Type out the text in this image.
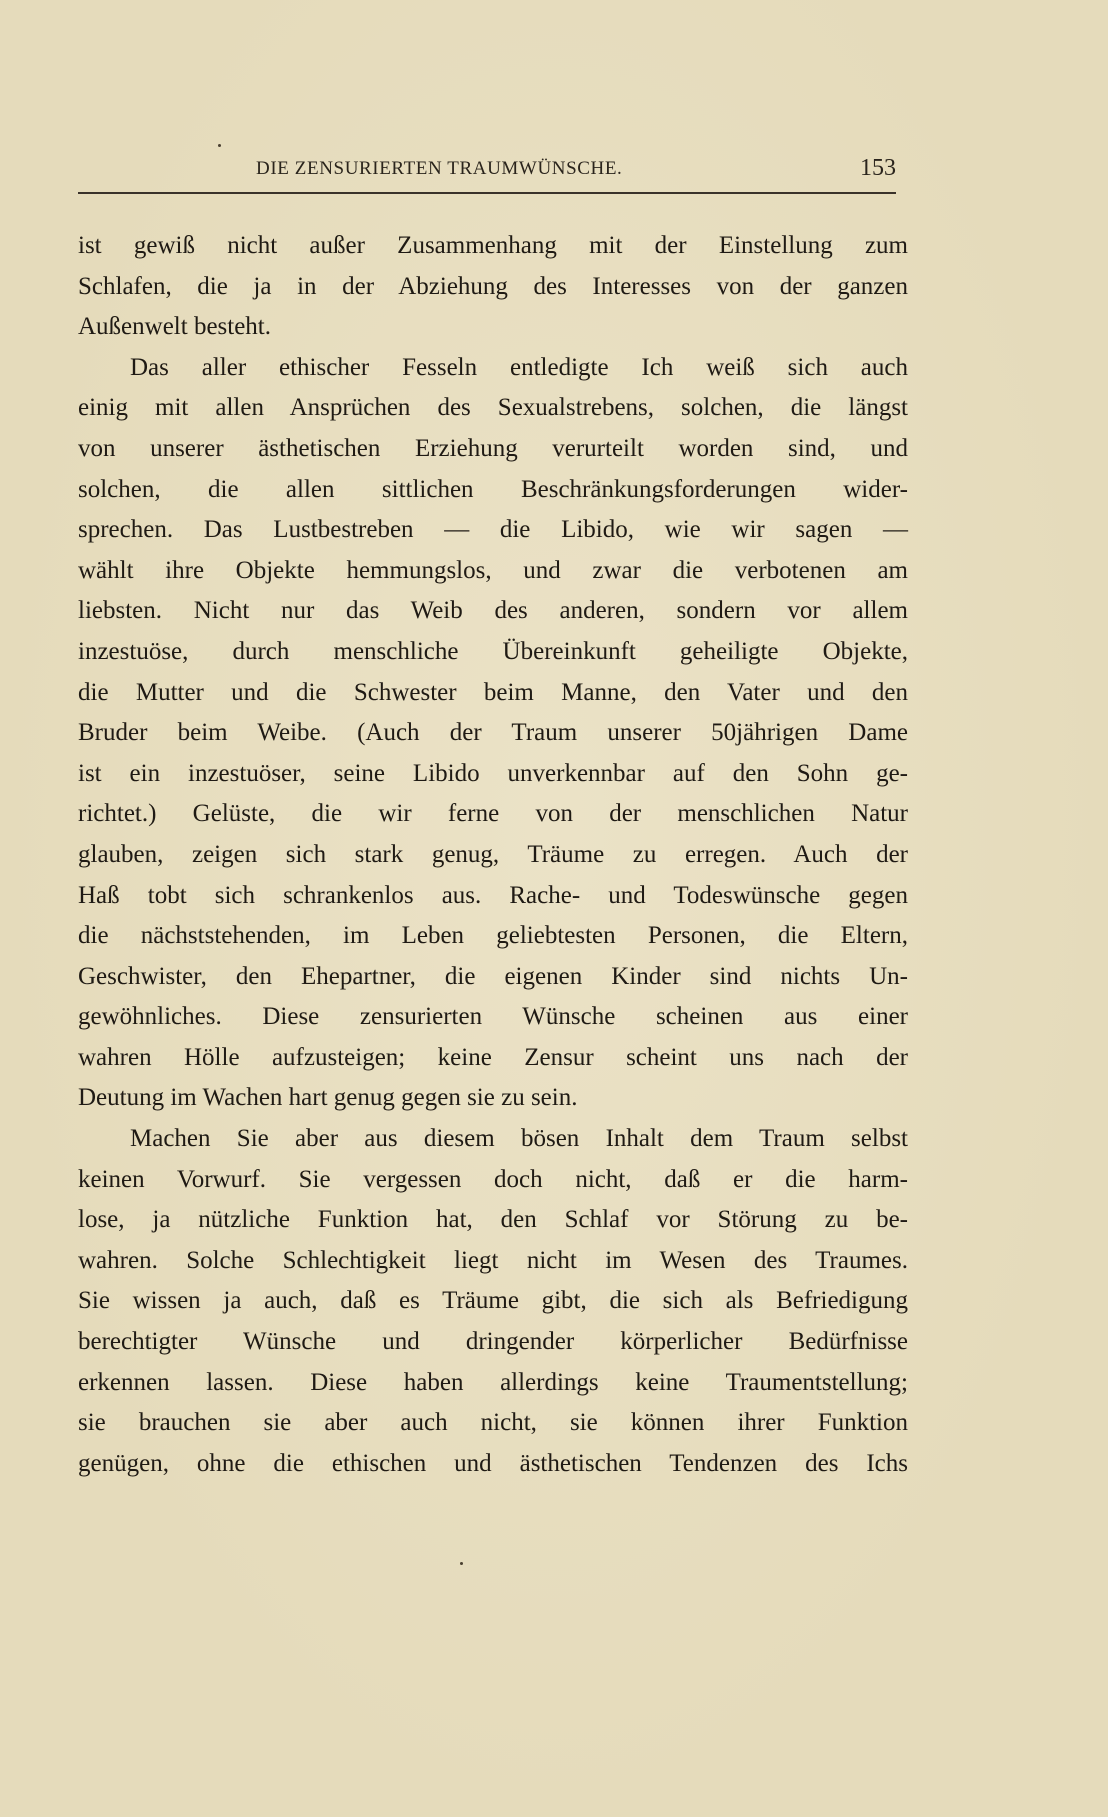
DIE ZENSURIERTEN TRAUMWÜNSCHE.	153
ist gewiß nicht außer Zusammenhang mit der Einstellung zum
Schlafen, die ja in der Abziehung des Interesses von der ganzen
Außenwelt besteht.
Das aller ethischer Fesseln entledigte Ich weiß sich auch
einig mit allen Ansprüchen des Sexualstrebens, solchen, die längst
von unserer ästhetischen Erziehung verurteilt worden sind, und
solchen, die allen sittlichen Beschränkungsforderungen wider-
sprechen. Das Lustbestreben — die Libido, wie wir sagen —
wählt ihre Objekte hemmungslos, und zwar die verbotenen am
liebsten. Nicht nur das Weib des anderen, sondern vor allem
inzestuöse, durch menschliche Übereinkunft geheiligte Objekte,
die Mutter und die Schwester beim Manne, den Vater und den
Bruder beim Weibe. (Auch der Traum unserer 50jährigen Dame
ist ein inzestuöser, seine Libido unverkennbar auf den Sohn ge-
richtet.) Gelüste, die wir ferne von der menschlichen Natur
glauben, zeigen sich stark genug, Träume zu erregen. Auch der
Haß tobt sich schrankenlos aus. Rache- und Todeswünsche gegen
die nächststehenden, im Leben geliebtesten Personen, die Eltern,
Geschwister, den Ehepartner, die eigenen Kinder sind nichts Un-
gewöhnliches. Diese zensurierten Wünsche scheinen aus einer
wahren Hölle aufzusteigen; keine Zensur scheint uns nach der
Deutung im Wachen hart genug gegen sie zu sein.
Machen Sie aber aus diesem bösen Inhalt dem Traum selbst
keinen Vorwurf. Sie vergessen doch nicht, daß er die harm-
lose, ja nützliche Funktion hat, den Schlaf vor Störung zu be-
wahren. Solche Schlechtigkeit liegt nicht im Wesen des Traumes.
Sie wissen ja auch, daß es Träume gibt, die sich als Befriedigung
berechtigter Wünsche und dringender körperlicher Bedürfnisse
erkennen lassen. Diese haben allerdings keine Traumentstellung;
sie brauchen sie aber auch nicht, sie können ihrer Funktion
genügen, ohne die ethischen und ästhetischen Tendenzen des Ichs
